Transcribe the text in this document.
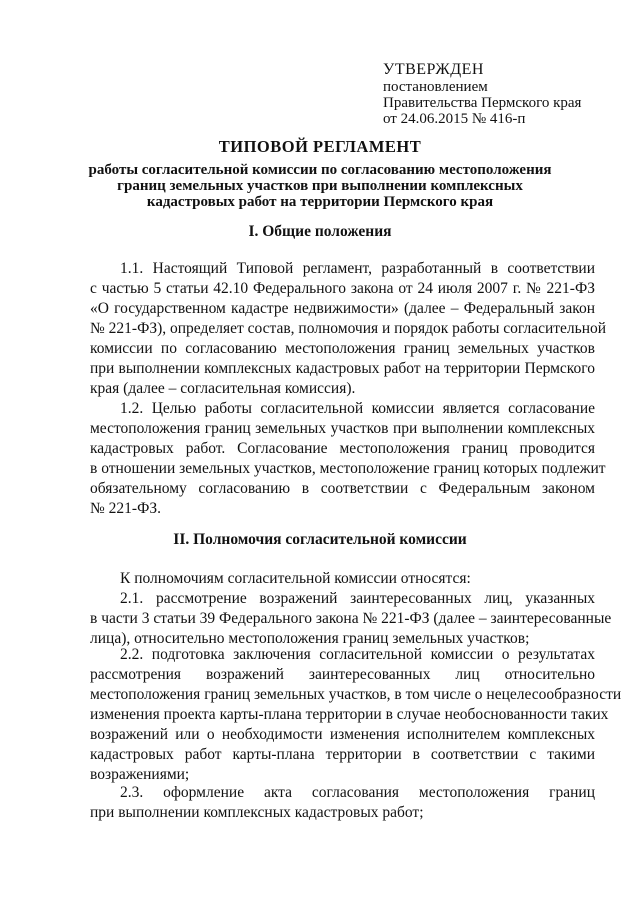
УТВЕРЖДЕН
постановлением
Правительства Пермского края
от 24.06.2015 № 416-п
ТИПОВОЙ РЕГЛАМЕНТ
работы согласительной комиссии по согласованию местоположения
границ земельных участков при выполнении комплексных
кадастровых работ на территории Пермского края
I. Общие положения
1.1. Настоящий Типовой регламент, разработанный в соответствии
с частью 5 статьи 42.10 Федерального закона от 24 июля 2007 г. № 221-ФЗ
«О государственном кадастре недвижимости» (далее – Федеральный закон
№ 221-ФЗ), определяет состав, полномочия и порядок работы согласительной
комиссии по согласованию местоположения границ земельных участков
при выполнении комплексных кадастровых работ на территории Пермского
края (далее – согласительная комиссия).
1.2. Целью работы согласительной комиссии является согласование
местоположения границ земельных участков при выполнении комплексных
кадастровых работ. Согласование местоположения границ проводится
в отношении земельных участков, местоположение границ которых подлежит
обязательному согласованию в соответствии с Федеральным законом
№ 221-ФЗ.
II. Полномочия согласительной комиссии
К полномочиям согласительной комиссии относятся:
2.1. рассмотрение возражений заинтересованных лиц, указанных
в части 3 статьи 39 Федерального закона № 221-ФЗ (далее – заинтересованные
лица), относительно местоположения границ земельных участков;
2.2. подготовка заключения согласительной комиссии о результатах
рассмотрения возражений заинтересованных лиц относительно
местоположения границ земельных участков, в том числе о нецелесообразности
изменения проекта карты-плана территории в случае необоснованности таких
возражений или о необходимости изменения исполнителем комплексных
кадастровых работ карты-плана территории в соответствии с такими
возражениями;
2.3. оформление акта согласования местоположения границ
при выполнении комплексных кадастровых работ;
